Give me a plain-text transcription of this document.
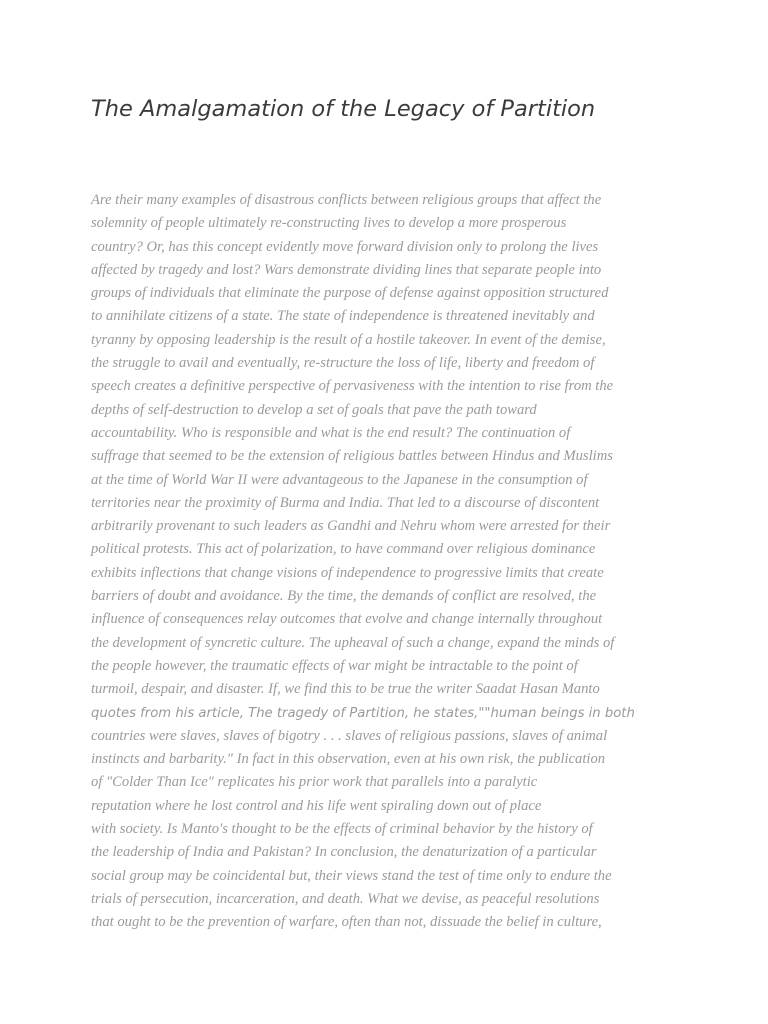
The Amalgamation of the Legacy of Partition
Are their many examples of disastrous conflicts between religious groups that affect the
solemnity of people ultimately re-constructing lives to develop a more prosperous
country? Or, has this concept evidently move forward division only to prolong the lives
affected by tragedy and lost? Wars demonstrate dividing lines that separate people into
groups of individuals that eliminate the purpose of defense against opposition structured
to annihilate citizens of a state. The state of independence is threatened inevitably and
tyranny by opposing leadership is the result of a hostile takeover. In event of the demise,
the struggle to avail and eventually, re-structure the loss of life, liberty and freedom of
speech creates a definitive perspective of pervasiveness with the intention to rise from the
depths of self-destruction to develop a set of goals that pave the path toward
accountability. Who is responsible and what is the end result? The continuation of
suffrage that seemed to be the extension of religious battles between Hindus and Muslims
at the time of World War II were advantageous to the Japanese in the consumption of
territories near the proximity of Burma and India. That led to a discourse of discontent
arbitrarily provenant to such leaders as Gandhi and Nehru whom were arrested for their
political protests. This act of polarization, to have command over religious dominance
exhibits inflections that change visions of independence to progressive limits that create
barriers of doubt and avoidance. By the time, the demands of conflict are resolved, the
influence of consequences relay outcomes that evolve and change internally throughout
the development of syncretic culture. The upheaval of such a change, expand the minds of
the people however, the traumatic effects of war might be intractable to the point of
turmoil, despair, and disaster. If, we find this to be true the writer Saadat Hasan Manto
quotes from his article, The tragedy of Partition, he states,""human beings in both
countries were slaves, slaves of bigotry . . . slaves of religious passions, slaves of animal
instincts and barbarity." In fact in this observation, even at his own risk, the publication
of "Colder Than Ice" replicates his prior work that parallels into a paralytic
reputation where he lost control and his life went spiraling down out of place
with society. Is Manto's thought to be the effects of criminal behavior by the history of
the leadership of India and Pakistan? In conclusion, the denaturization of a particular
social group may be coincidental but, their views stand the test of time only to endure the
trials of persecution, incarceration, and death. What we devise, as peaceful resolutions
that ought to be the prevention of warfare, often than not, dissuade the belief in culture,
